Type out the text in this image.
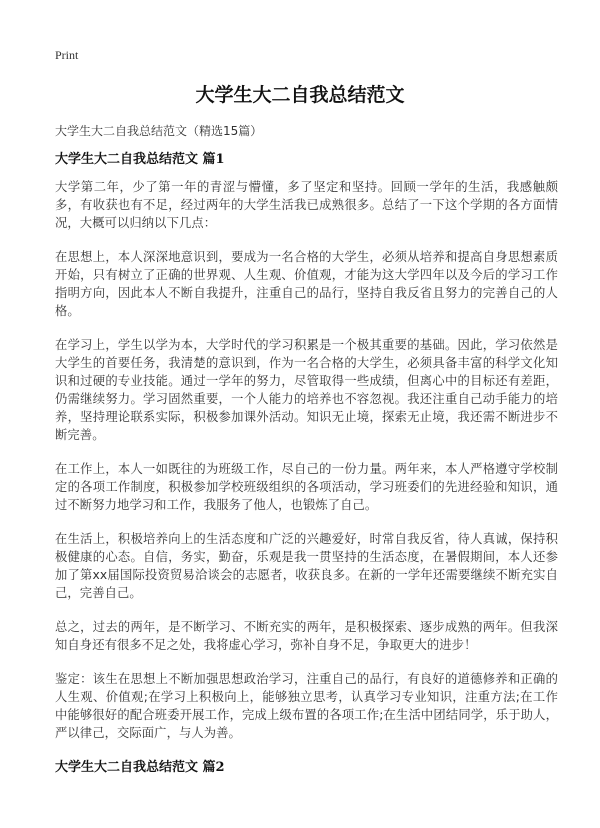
Print
大学生大二自我总结范文

大学生大二自我总结范文（精选15篇）

大学生大二自我总结范文 篇1

大学第二年，少了第一年的青涩与懵懂，多了坚定和坚持。回顾一学年的生活，我感触颇多，有收获也有不足，经过两年的大学生活我已成熟很多。总结了一下这个学期的各方面情况，大概可以归纳以下几点：

在思想上，本人深深地意识到，要成为一名合格的大学生，必须从培养和提高自身思想素质开始，只有树立了正确的世界观、人生观、价值观，才能为这大学四年以及今后的学习工作指明方向，因此本人不断自我提升，注重自己的品行，坚持自我反省且努力的完善自己的人格。

在学习上，学生以学为本，大学时代的学习积累是一个极其重要的基础。因此，学习依然是大学生的首要任务，我清楚的意识到，作为一名合格的大学生，必须具备丰富的科学文化知识和过硬的专业技能。通过一学年的努力，尽管取得一些成绩，但离心中的目标还有差距，仍需继续努力。学习固然重要，一个人能力的培养也不容忽视。我还注重自己动手能力的培养，坚持理论联系实际，积极参加课外活动。知识无止境，探索无止境，我还需不断进步不断完善。

在工作上，本人一如既往的为班级工作，尽自己的一份力量。两年来，本人严格遵守学校制定的各项工作制度，积极参加学校班级组织的各项活动，学习班委们的先进经验和知识，通过不断努力地学习和工作，我服务了他人，也锻炼了自己。

在生活上，积极培养向上的生活态度和广泛的兴趣爱好，时常自我反省，待人真诚，保持积极健康的心态。自信，务实，勤奋，乐观是我一贯坚持的生活态度，在暑假期间，本人还参加了第xx届国际投资贸易洽谈会的志愿者，收获良多。在新的一学年还需要继续不断充实自己，完善自己。

总之，过去的两年，是不断学习、不断充实的两年，是积极探索、逐步成熟的两年。但我深知自身还有很多不足之处，我将虚心学习，弥补自身不足，争取更大的进步！

鉴定：该生在思想上不断加强思想政治学习，注重自己的品行，有良好的道德修养和正确的人生观、价值观;在学习上积极向上，能够独立思考，认真学习专业知识，注重方法;在工作中能够很好的配合班委开展工作，完成上级布置的各项工作;在生活中团结同学，乐于助人，严以律己，交际面广，与人为善。

大学生大二自我总结范文 篇2
